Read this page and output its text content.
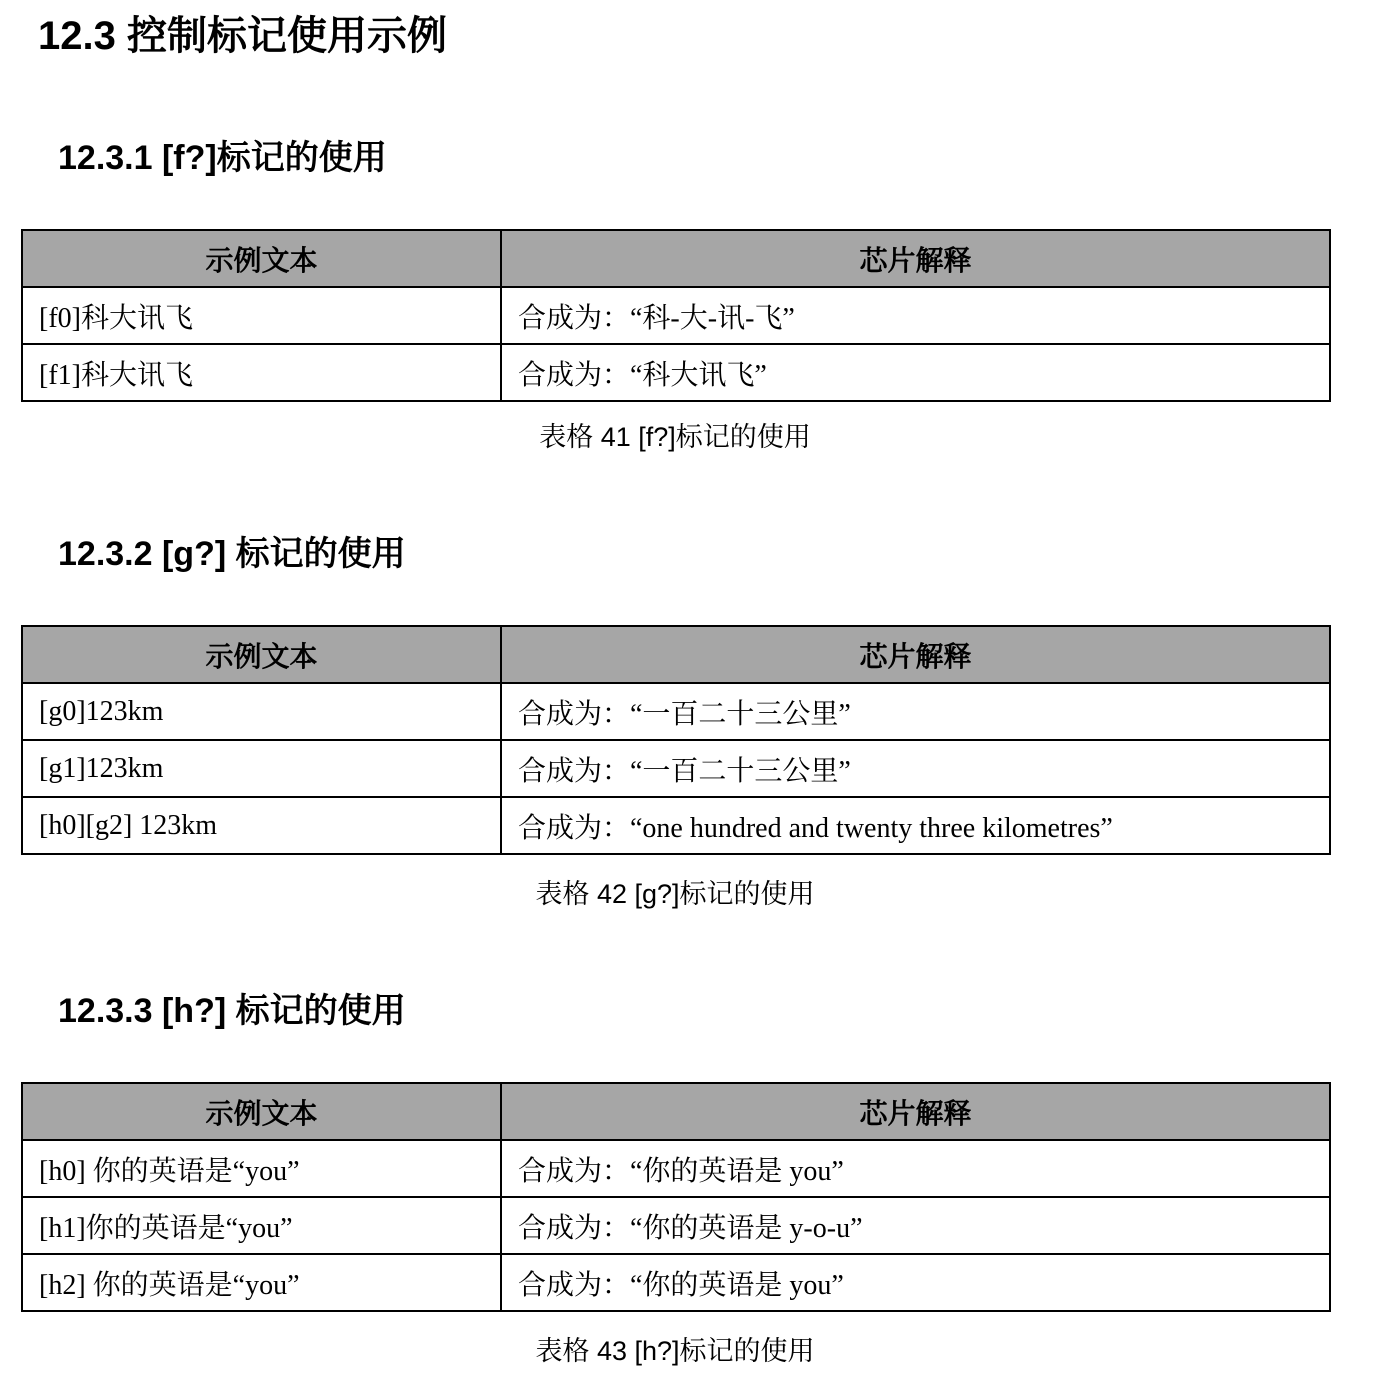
12.3 控制标记使用示例
12.3.1 [f?]标记的使用
示例文本	芯片解释
[f0]科大讯飞	合成为：“科-大-讯-飞”
[f1]科大讯飞	合成为：“科大讯飞”
表格 41 [f?]标记的使用
12.3.2 [g?] 标记的使用
示例文本	芯片解释
[g0]123km	合成为：“一百二十三公里”
[g1]123km	合成为：“一百二十三公里”
[h0][g2] 123km	合成为：“one hundred and twenty three kilometres”
表格 42 [g?]标记的使用
12.3.3 [h?] 标记的使用
示例文本	芯片解释
[h0] 你的英语是“you”	合成为：“你的英语是 you”
[h1]你的英语是“you”	合成为：“你的英语是 y-o-u”
[h2] 你的英语是“you”	合成为：“你的英语是 you”
表格 43 [h?]标记的使用
